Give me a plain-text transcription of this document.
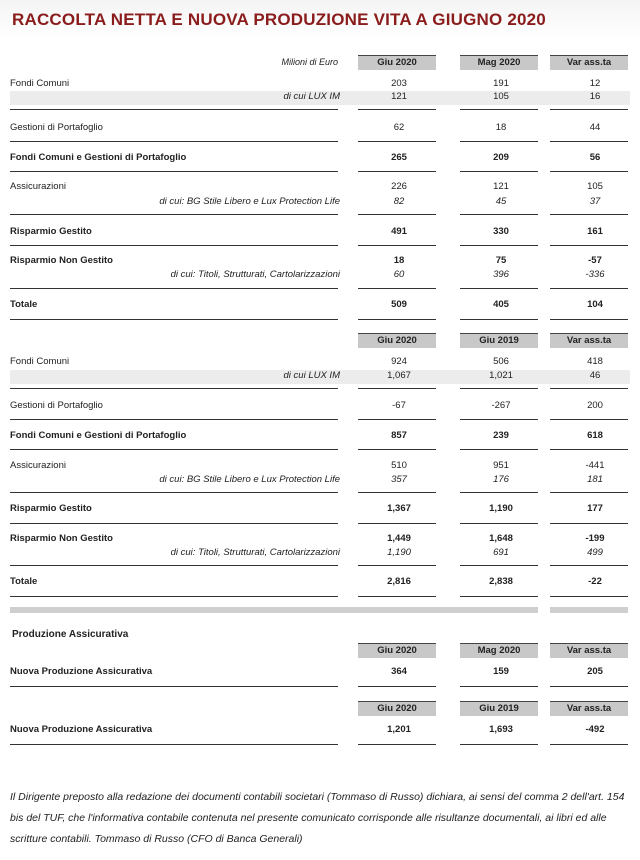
RACCOLTA NETTA E NUOVA PRODUZIONE VITA A GIUGNO 2020
Milioni di Euro	Giu 2020	Mag 2020	Var ass.ta
Fondi Comuni	203	191	12
di cui LUX IM	121	105	16
Gestioni di Portafoglio	62	18	44
Fondi Comuni e Gestioni di Portafoglio	265	209	56
Assicurazioni	226	121	105
di cui: BG Stile Libero e Lux Protection Life	82	45	37
Risparmio Gestito	491	330	161
Risparmio Non Gestito	18	75	-57
di cui: Titoli, Strutturati, Cartolarizzazioni	60	396	-336
Totale	509	405	104
Giu 2020	Giu 2019	Var ass.ta
Fondi Comuni	924	506	418
di cui LUX IM	1,067	1,021	46
Gestioni di Portafoglio	-67	-267	200
Fondi Comuni e Gestioni di Portafoglio	857	239	618
Assicurazioni	510	951	-441
di cui: BG Stile Libero e Lux Protection Life	357	176	181
Risparmio Gestito	1,367	1,190	177
Risparmio Non Gestito	1,449	1,648	-199
di cui: Titoli, Strutturati, Cartolarizzazioni	1,190	691	499
Totale	2,816	2,838	-22
Produzione Assicurativa
Giu 2020	Mag 2020	Var ass.ta
Nuova Produzione Assicurativa	364	159	205
Giu 2020	Giu 2019	Var ass.ta
Nuova Produzione Assicurativa	1,201	1,693	-492
Il Dirigente preposto alla redazione dei documenti contabili societari (Tommaso di Russo) dichiara, ai sensi del comma 2 dell'art. 154 bis del TUF, che l'informativa contabile contenuta nel presente comunicato corrisponde alle risultanze documentali, ai libri ed alle scritture contabili. Tommaso di Russo (CFO di Banca Generali)
